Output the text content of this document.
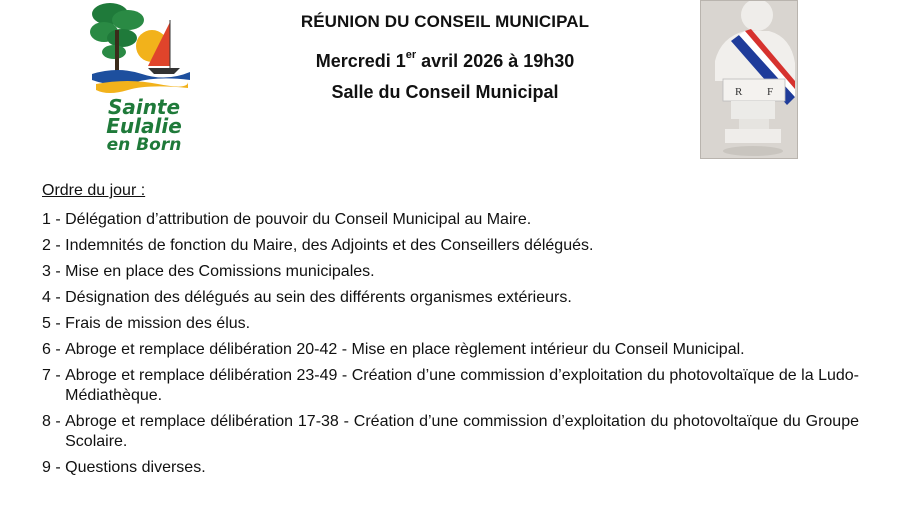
Sainte
Eulalie
en Born
RÉUNION DU CONSEIL MUNICIPAL
Mercredi 1er avril 2026 à 19h30
Salle du Conseil Municipal	R F
Ordre du jour :
1 - Délégation d’attribution de pouvoir du Conseil Municipal au Maire.
2 - Indemnités de fonction du Maire, des Adjoints et des Conseillers délégués.
3 - Mise en place des Comissions municipales.
4 - Désignation des délégués au sein des différents organismes extérieurs.
5 - Frais de mission des élus.
6 - Abroge et remplace délibération 20-42 - Mise en place règlement intérieur du Conseil Municipal.
7 - Abroge et remplace délibération 23-49 - Création d’une commission d’exploitation du photovoltaïque de la Ludo-Médiathèque.
8 - Abroge et remplace délibération 17-38 - Création d’une commission d’exploitation du photovoltaïque du Groupe Scolaire.
9 - Questions diverses.
